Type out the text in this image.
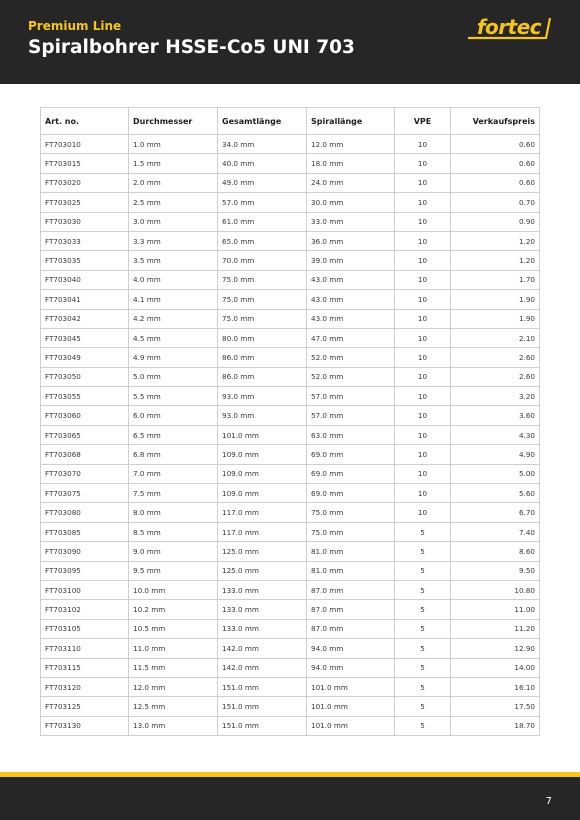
Premium Line
Spiralbohrer HSSE-Co5 UNI 703
fortec
Art. no.	Durchmesser	Gesamtlänge	Spirallänge	VPE	Verkaufspreis
FT703010	1.0 mm	34.0 mm	12.0 mm	10	0.60
FT703015	1.5 mm	40.0 mm	18.0 mm	10	0.60
FT703020	2.0 mm	49.0 mm	24.0 mm	10	0.60
FT703025	2.5 mm	57.0 mm	30.0 mm	10	0.70
FT703030	3.0 mm	61.0 mm	33.0 mm	10	0.90
FT703033	3.3 mm	65.0 mm	36.0 mm	10	1.20
FT703035	3.5 mm	70.0 mm	39.0 mm	10	1.20
FT703040	4.0 mm	75.0 mm	43.0 mm	10	1.70
FT703041	4.1 mm	75.0 mm	43.0 mm	10	1.90
FT703042	4.2 mm	75.0 mm	43.0 mm	10	1.90
FT703045	4.5 mm	80.0 mm	47.0 mm	10	2.10
FT703049	4.9 mm	86.0 mm	52.0 mm	10	2.60
FT703050	5.0 mm	86.0 mm	52.0 mm	10	2.60
FT703055	5.5 mm	93.0 mm	57.0 mm	10	3.20
FT703060	6.0 mm	93.0 mm	57.0 mm	10	3.60
FT703065	6.5 mm	101.0 mm	63.0 mm	10	4.30
FT703068	6.8 mm	109.0 mm	69.0 mm	10	4.90
FT703070	7.0 mm	109.0 mm	69.0 mm	10	5.00
FT703075	7.5 mm	109.0 mm	69.0 mm	10	5.60
FT703080	8.0 mm	117.0 mm	75.0 mm	10	6.70
FT703085	8.5 mm	117.0 mm	75.0 mm	5	7.40
FT703090	9.0 mm	125.0 mm	81.0 mm	5	8.60
FT703095	9.5 mm	125.0 mm	81.0 mm	5	9.50
FT703100	10.0 mm	133.0 mm	87.0 mm	5	10.80
FT703102	10.2 mm	133.0 mm	87.0 mm	5	11.00
FT703105	10.5 mm	133.0 mm	87.0 mm	5	11.20
FT703110	11.0 mm	142.0 mm	94.0 mm	5	12.90
FT703115	11.5 mm	142.0 mm	94.0 mm	5	14.00
FT703120	12.0 mm	151.0 mm	101.0 mm	5	16.10
FT703125	12.5 mm	151.0 mm	101.0 mm	5	17.50
FT703130	13.0 mm	151.0 mm	101.0 mm	5	18.70
7
